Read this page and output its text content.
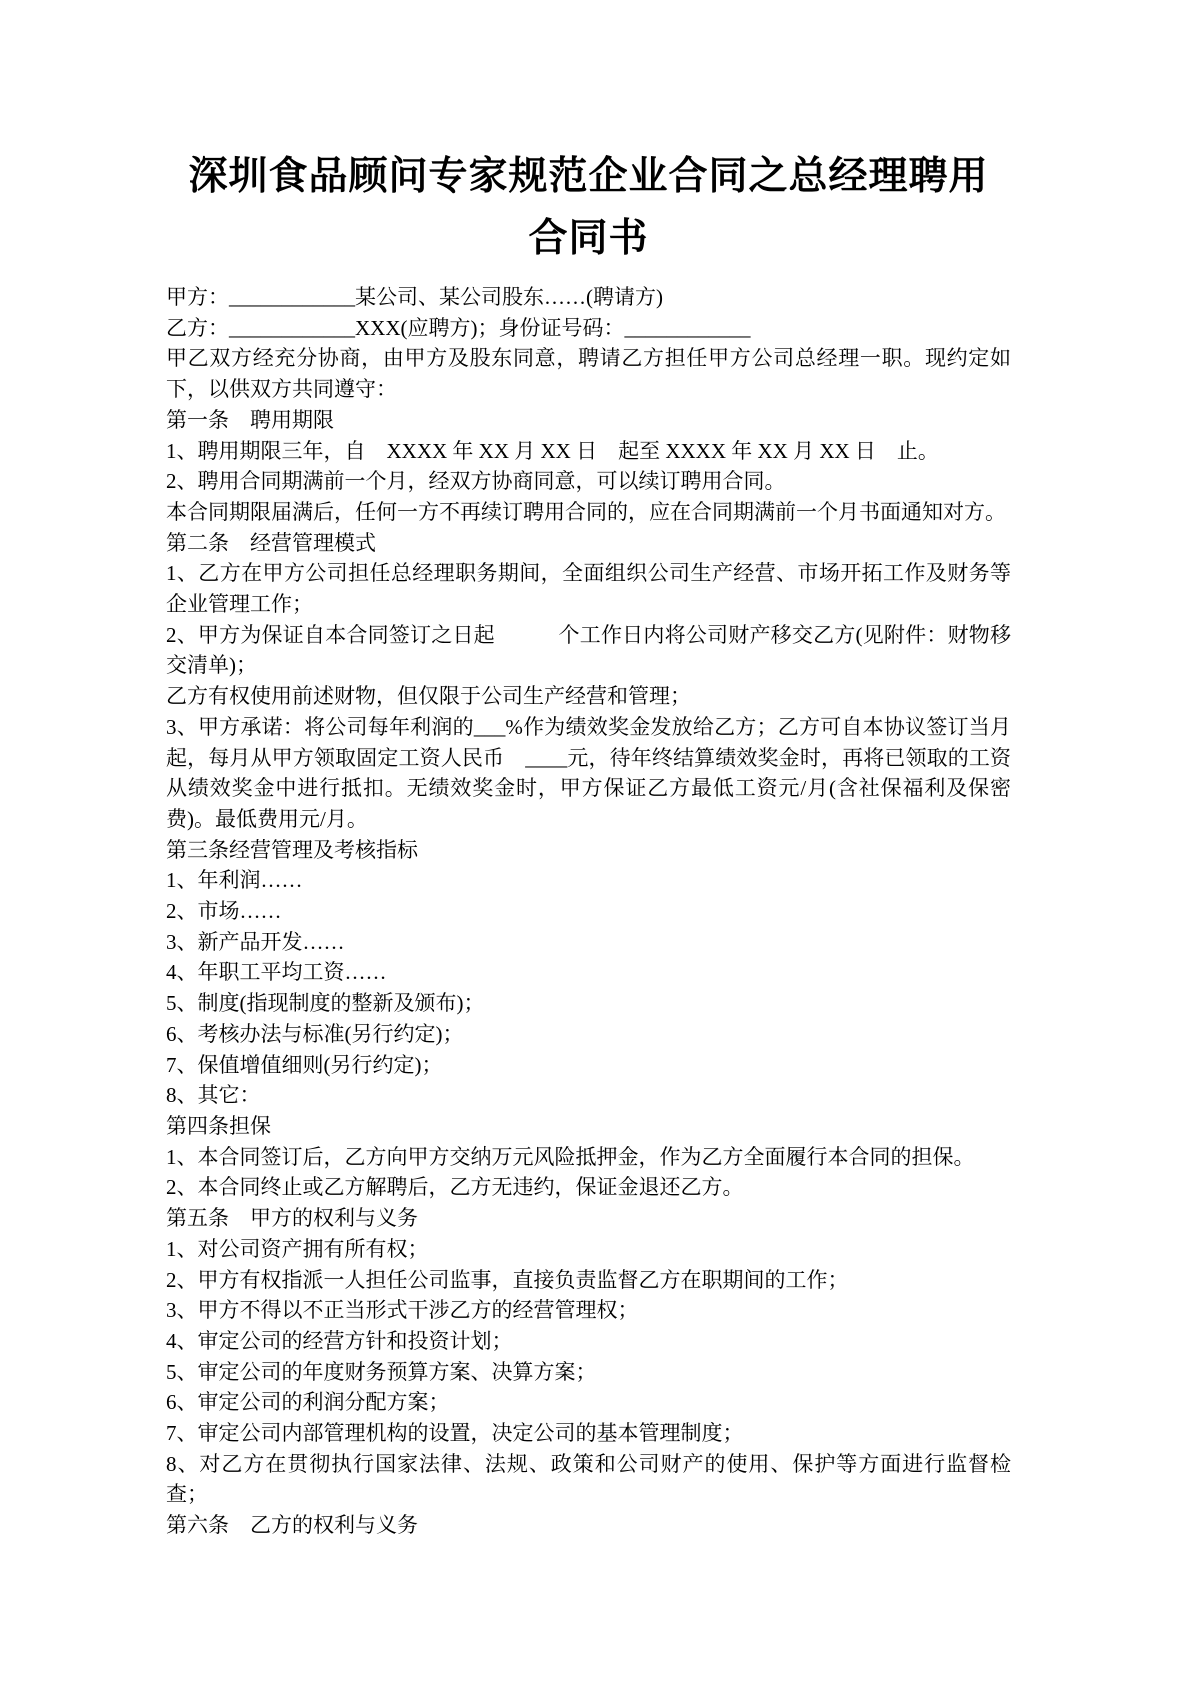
深圳食品顾问专家规范企业合同之总经理聘用
合同书

甲方：____________某公司、某公司股东……(聘请方)

乙方：____________XXX(应聘方)；身份证号码：____________

甲乙双方经充分协商，由甲方及股东同意，聘请乙方担任甲方公司总经理一职。现约定如下，以供双方共同遵守：

第一条　聘用期限

1、聘用期限三年，自　XXXX 年 XX 月 XX 日　起至 XXXX 年 XX 月 XX 日　止。

2、聘用合同期满前一个月，经双方协商同意，可以续订聘用合同。

本合同期限届满后，任何一方不再续订聘用合同的，应在合同期满前一个月书面通知对方。

第二条　经营管理模式

1、乙方在甲方公司担任总经理职务期间，全面组织公司生产经营、市场开拓工作及财务等企业管理工作；

2、甲方为保证自本合同签订之日起　　　个工作日内将公司财产移交乙方(见附件：财物移交清单)；

乙方有权使用前述财物，但仅限于公司生产经营和管理；

3、甲方承诺：将公司每年利润的___%作为绩效奖金发放给乙方；乙方可自本协议签订当月起，每月从甲方领取固定工资人民币　____元，待年终结算绩效奖金时，再将已领取的工资从绩效奖金中进行抵扣。无绩效奖金时，甲方保证乙方最低工资元/月(含社保福利及保密费)。最低费用元/月。

第三条经营管理及考核指标

1、年利润……

2、市场……

3、新产品开发……

4、年职工平均工资……

5、制度(指现制度的整新及颁布)；

6、考核办法与标准(另行约定)；

7、保值增值细则(另行约定)；

8、其它：

第四条担保

1、本合同签订后，乙方向甲方交纳万元风险抵押金，作为乙方全面履行本合同的担保。

2、本合同终止或乙方解聘后，乙方无违约，保证金退还乙方。

第五条　甲方的权利与义务

1、对公司资产拥有所有权；

2、甲方有权指派一人担任公司监事，直接负责监督乙方在职期间的工作；

3、甲方不得以不正当形式干涉乙方的经营管理权；

4、审定公司的经营方针和投资计划；

5、审定公司的年度财务预算方案、决算方案；

6、审定公司的利润分配方案；

7、审定公司内部管理机构的设置，决定公司的基本管理制度；

8、对乙方在贯彻执行国家法律、法规、政策和公司财产的使用、保护等方面进行监督检查；

第六条　乙方的权利与义务
